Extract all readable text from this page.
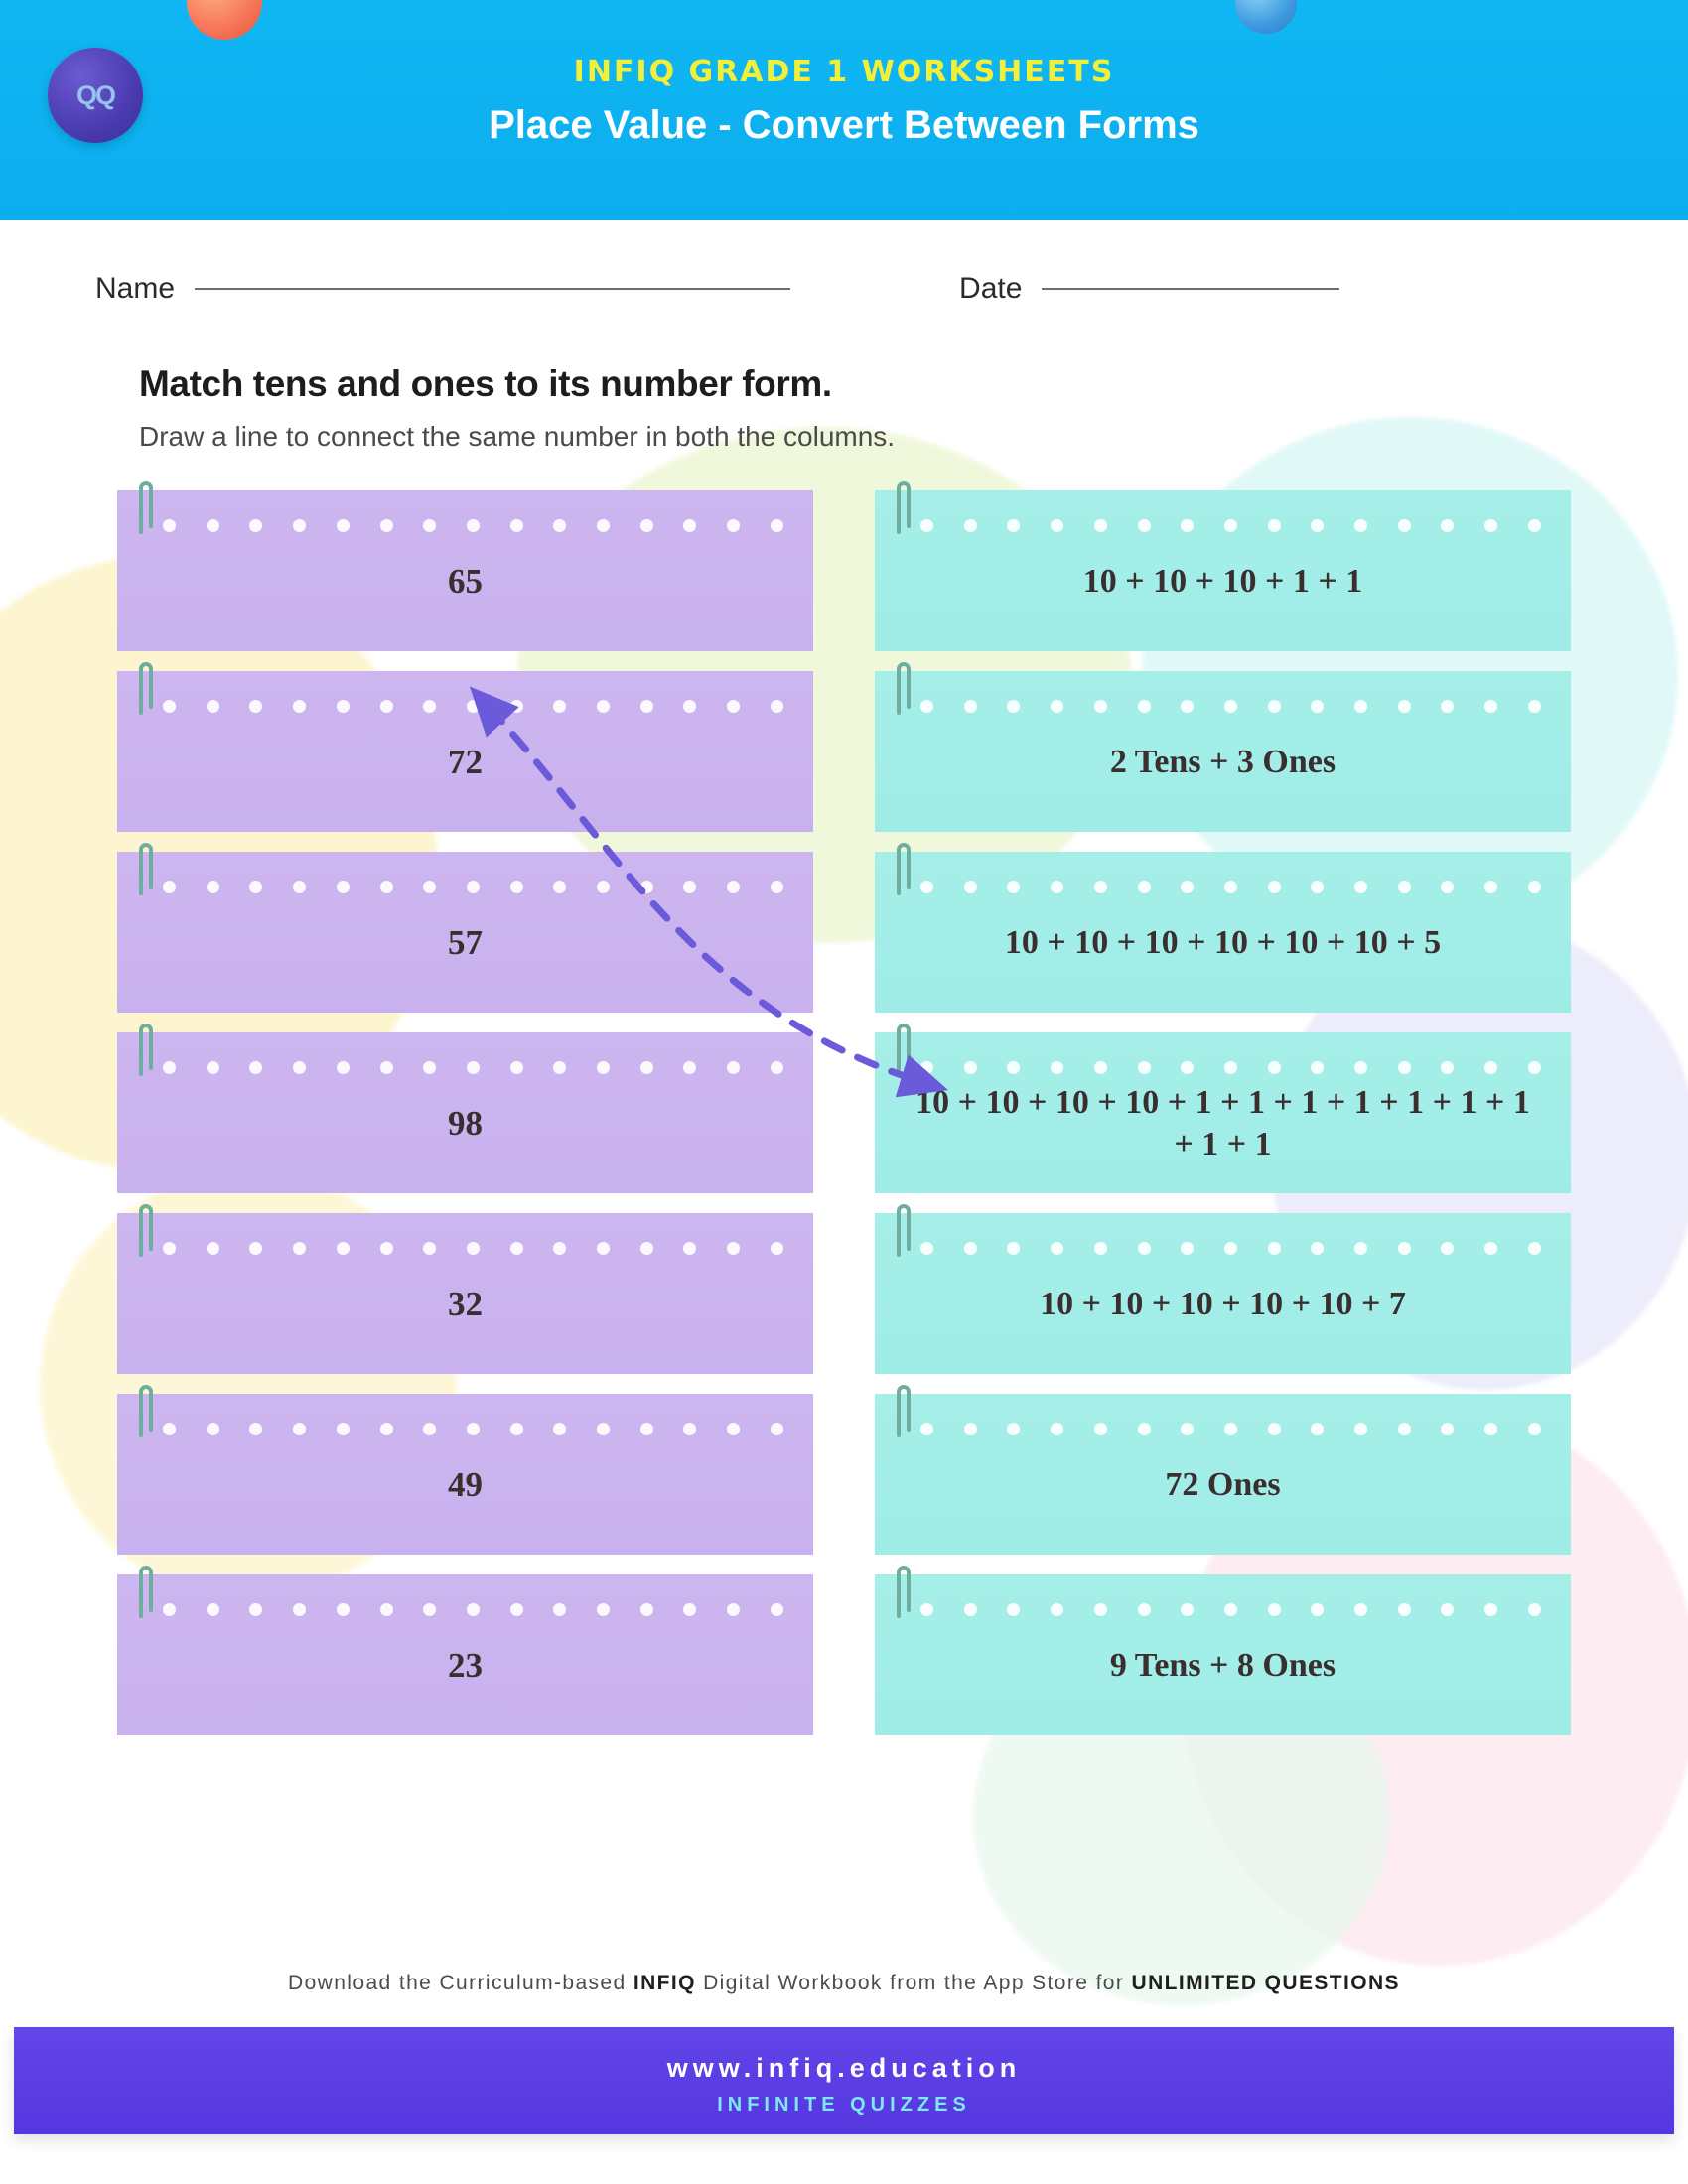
QQ
INFIQ GRADE 1 WORKSHEETS
Place Value - Convert Between Forms
Name	Date
Match tens and ones to its number form.
Draw a line to connect the same number in both the columns.
65
72
57
98
32
49
23
10 + 10 + 10 + 1 + 1
2 Tens + 3 Ones
10 + 10 + 10 + 10 + 10 + 10 + 5
10 + 10 + 10 + 10 + 1 + 1 + 1 + 1 + 1 + 1 + 1 + 1 + 1
10 + 10 + 10 + 10 + 10 + 7
72 Ones
9 Tens + 8 Ones
Download the Curriculum-based INFIQ Digital Workbook from the App Store for UNLIMITED QUESTIONS
www.infiq.education
INFINITE QUIZZES
